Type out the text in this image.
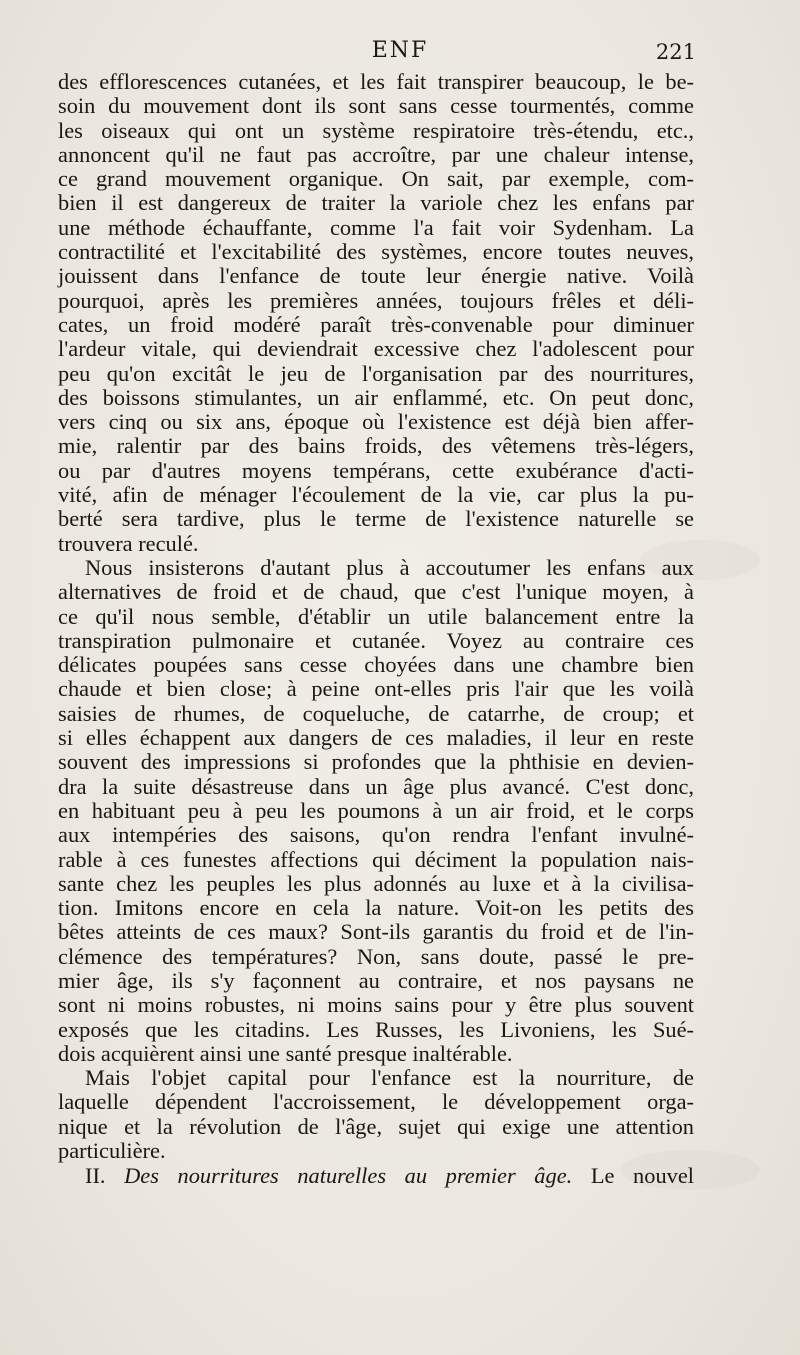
ENF	221
des efflorescences cutanées, et les fait transpirer beaucoup, le be-
soin du mouvement dont ils sont sans cesse tourmentés, comme
les oiseaux qui ont un système respiratoire très-étendu, etc.,
annoncent qu'il ne faut pas accroître, par une chaleur intense,
ce grand mouvement organique. On sait, par exemple, com-
bien il est dangereux de traiter la variole chez les enfans par
une méthode échauffante, comme l'a fait voir Sydenham. La
contractilité et l'excitabilité des systèmes, encore toutes neuves,
jouissent dans l'enfance de toute leur énergie native. Voilà
pourquoi, après les premières années, toujours frêles et déli-
cates, un froid modéré paraît très-convenable pour diminuer
l'ardeur vitale, qui deviendrait excessive chez l'adolescent pour
peu qu'on excitât le jeu de l'organisation par des nourritures,
des boissons stimulantes, un air enflammé, etc. On peut donc,
vers cinq ou six ans, époque où l'existence est déjà bien affer-
mie, ralentir par des bains froids, des vêtemens très-légers,
ou par d'autres moyens tempérans, cette exubérance d'acti-
vité, afin de ménager l'écoulement de la vie, car plus la pu-
berté sera tardive, plus le terme de l'existence naturelle se
trouvera reculé.
Nous insisterons d'autant plus à accoutumer les enfans aux
alternatives de froid et de chaud, que c'est l'unique moyen, à
ce qu'il nous semble, d'établir un utile balancement entre la
transpiration pulmonaire et cutanée. Voyez au contraire ces
délicates poupées sans cesse choyées dans une chambre bien
chaude et bien close; à peine ont-elles pris l'air que les voilà
saisies de rhumes, de coqueluche, de catarrhe, de croup; et
si elles échappent aux dangers de ces maladies, il leur en reste
souvent des impressions si profondes que la phthisie en devien-
dra la suite désastreuse dans un âge plus avancé. C'est donc,
en habituant peu à peu les poumons à un air froid, et le corps
aux intempéries des saisons, qu'on rendra l'enfant invulné-
rable à ces funestes affections qui déciment la population nais-
sante chez les peuples les plus adonnés au luxe et à la civilisa-
tion. Imitons encore en cela la nature. Voit-on les petits des
bêtes atteints de ces maux? Sont-ils garantis du froid et de l'in-
clémence des températures? Non, sans doute, passé le pre-
mier âge, ils s'y façonnent au contraire, et nos paysans ne
sont ni moins robustes, ni moins sains pour y être plus souvent
exposés que les citadins. Les Russes, les Livoniens, les Sué-
dois acquièrent ainsi une santé presque inaltérable.
Mais l'objet capital pour l'enfance est la nourriture, de
laquelle dépendent l'accroissement, le développement orga-
nique et la révolution de l'âge, sujet qui exige une attention
particulière.
II. Des nourritures naturelles au premier âge. Le nouvel
